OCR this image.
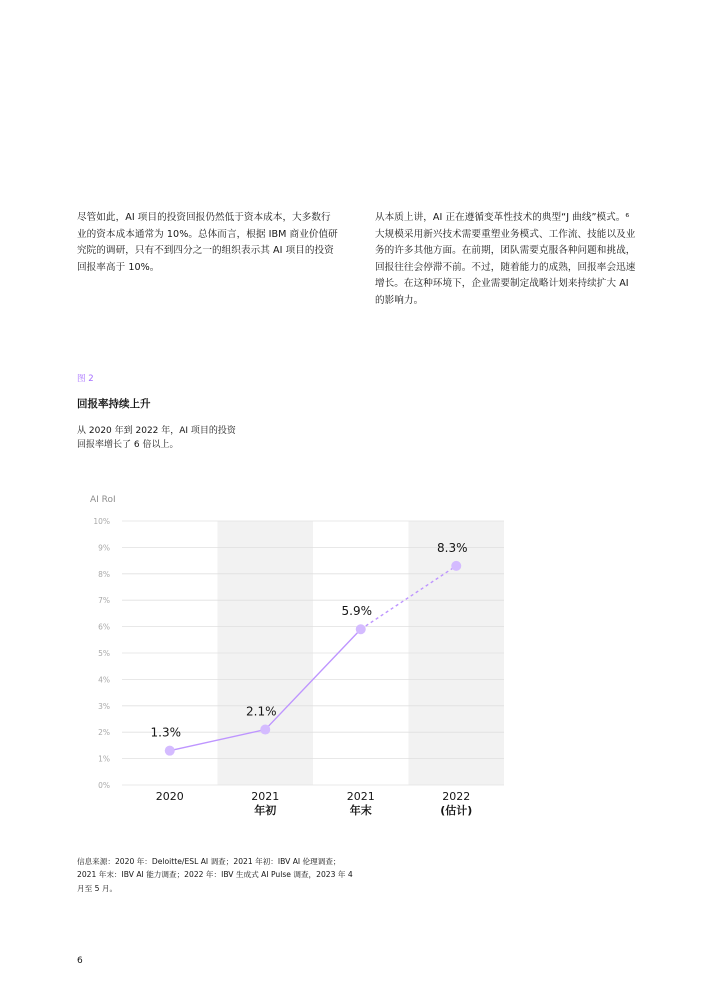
尽管如此，AI 项目的投资回报仍然低于资本成本，大多数行业的资本成本通常为 10%。总体而言，根据 IBM 商业价值研究院的调研，只有不到四分之一的组织表示其 AI 项目的投资回报率高于 10%。

从本质上讲，AI 正在遵循变革性技术的典型“J 曲线”模式。⁶ 大规模采用新兴技术需要重塑业务模式、工作流、技能以及业务的许多其他方面。在前期，团队需要克服各种问题和挑战，回报往往会停滞不前。不过，随着能力的成熟，回报率会迅速增长。在这种环境下，企业需要制定战略计划来持续扩大 AI 的影响力。

图 2
回报率持续上升
从 2020 年到 2022 年，AI 项目的投资回报率增长了 6 倍以上。
0%
1%
2%
3%
4%
5%
6%
7%
8%
9%
10%
AI RoI
1.3%
2.1%
5.9%
8.3%
2020	2021
年初
2021
年末
2022
(估计)
信息来源：2020 年：Deloitte/ESL AI 调查；2021 年初：IBV AI 伦理调查；2021 年末：IBV AI 能力调查；2022 年：IBV 生成式 AI Pulse 调查，2023 年 4 月至 5 月。
6
